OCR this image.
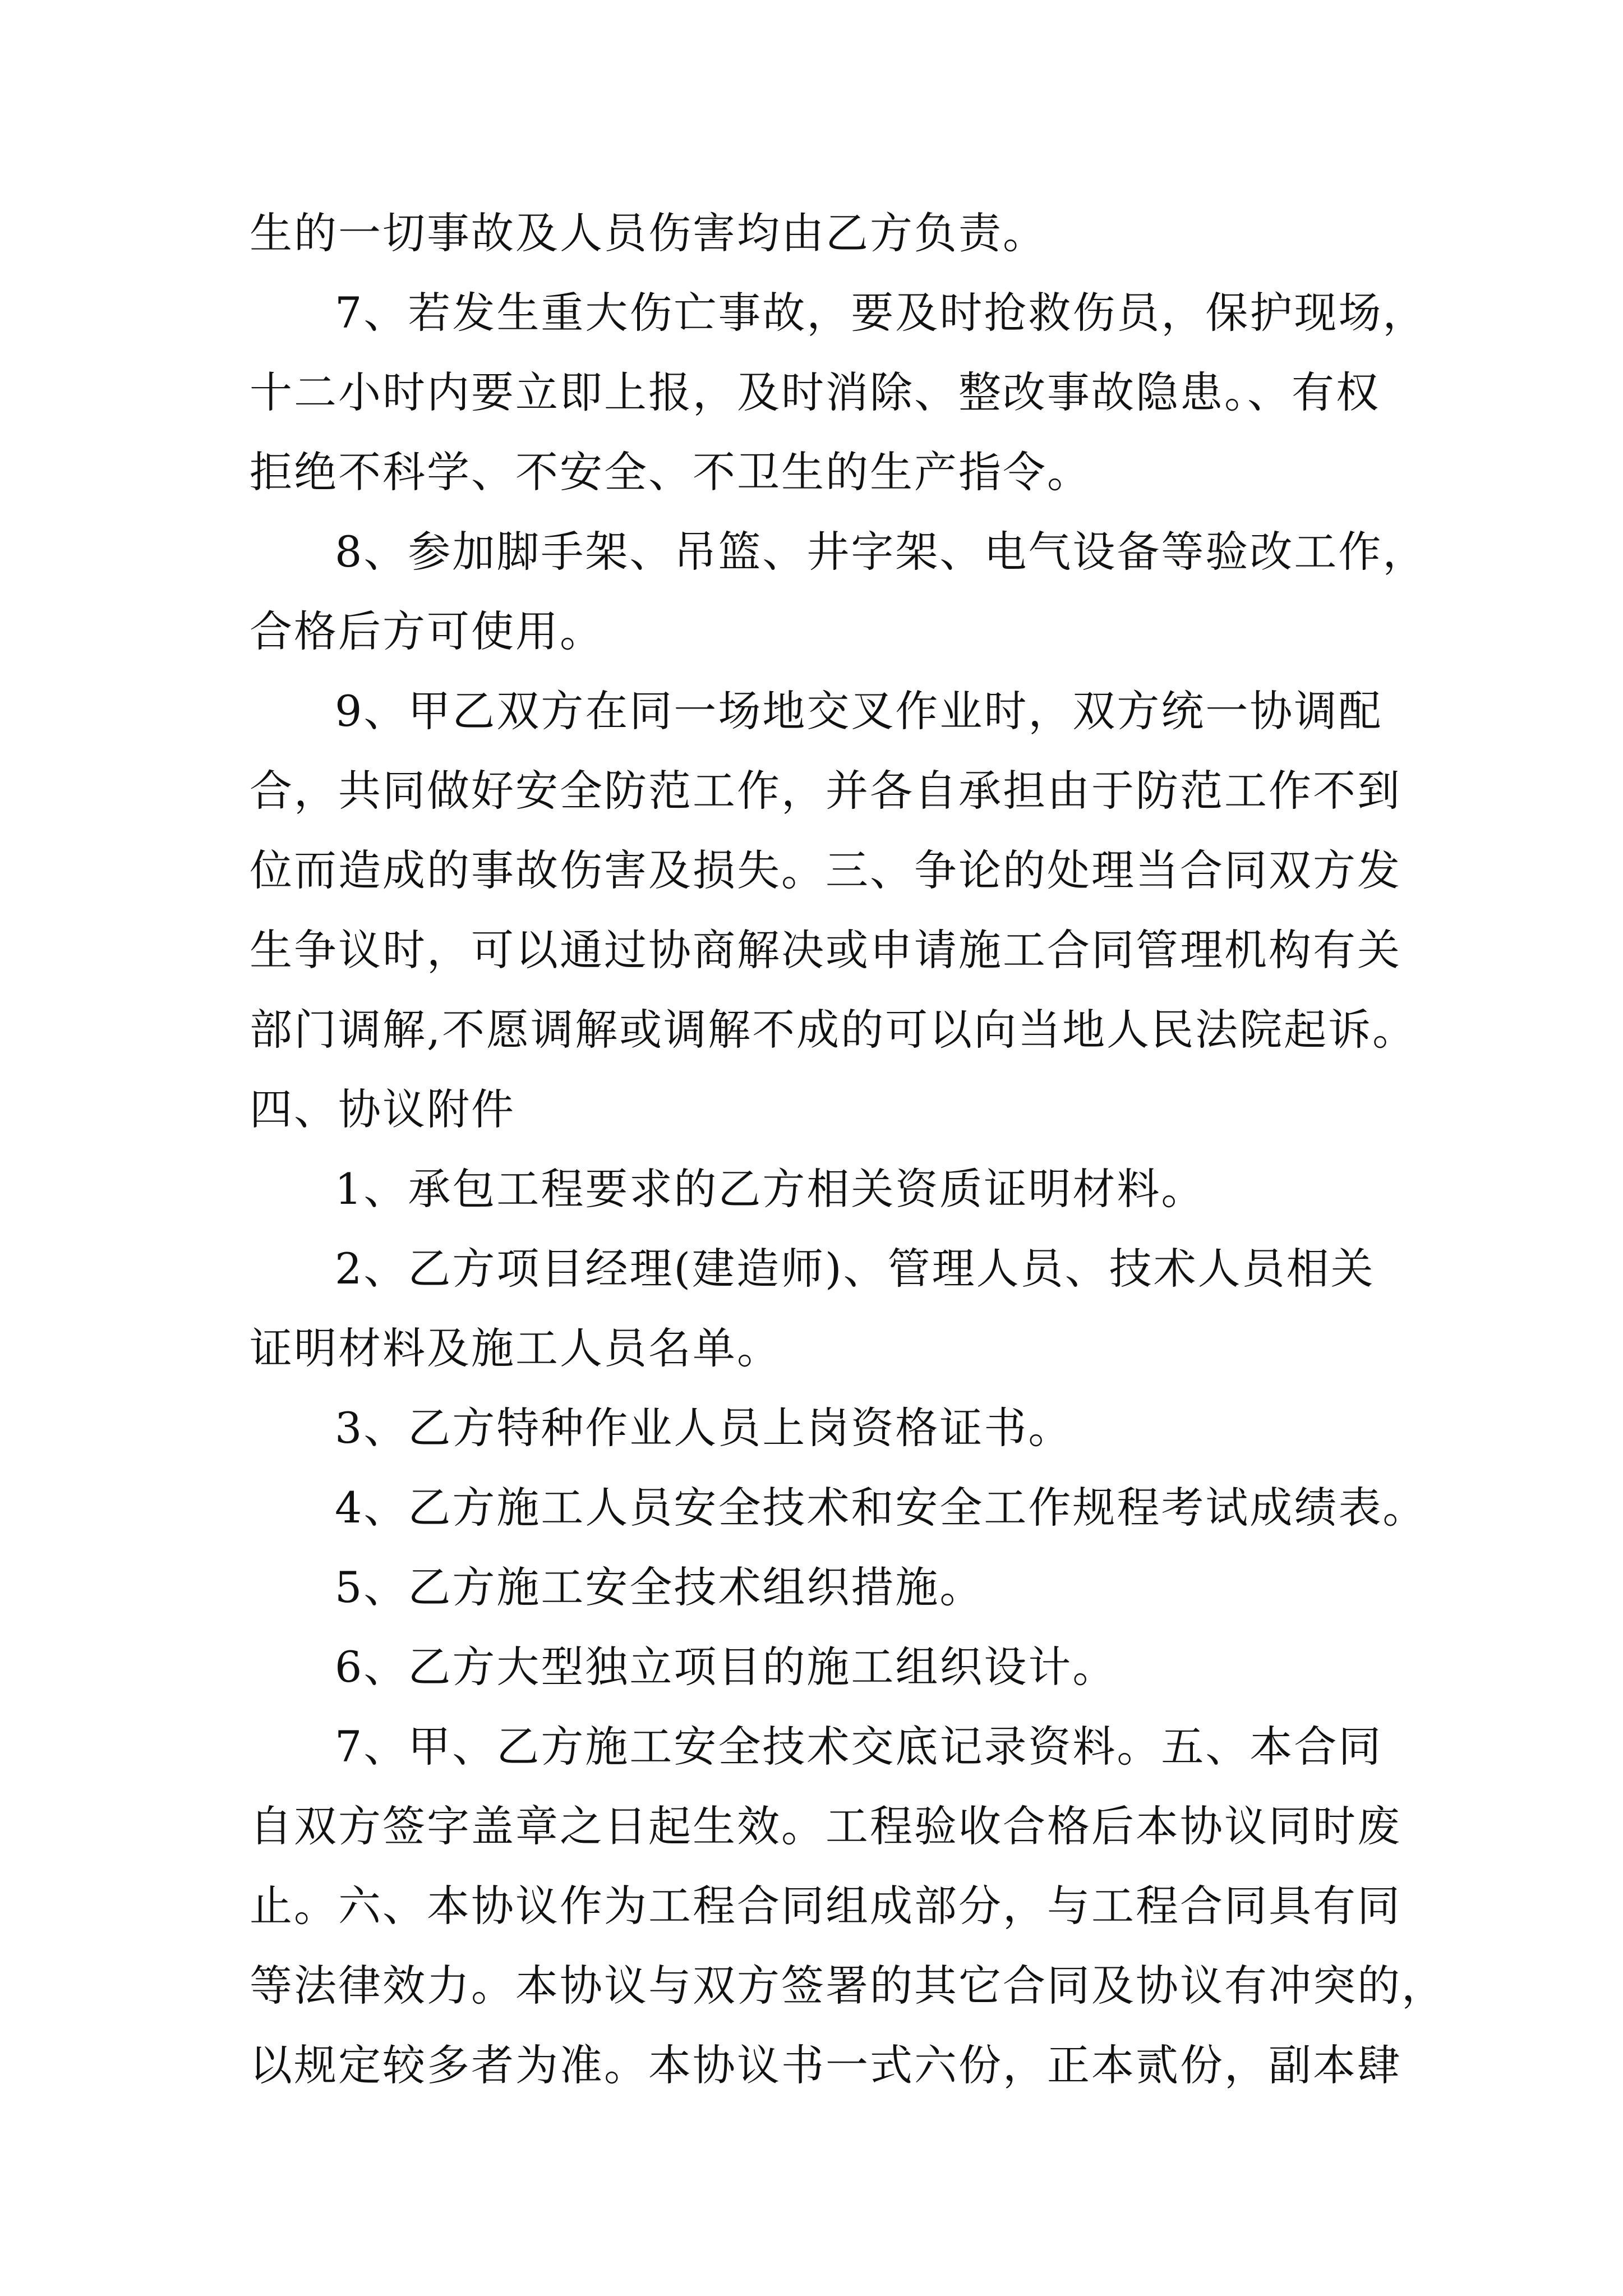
生的一切事故及人员伤害均由乙方负责。
7、若发生重大伤亡事故，要及时抢救伤员，保护现场，
十二小时内要立即上报，及时消除、整改事故隐患。、有权
拒绝不科学、不安全、不卫生的生产指令。
8、参加脚手架、吊篮、井字架、电气设备等验改工作，
合格后方可使用。
9、甲乙双方在同一场地交叉作业时，双方统一协调配
合，共同做好安全防范工作，并各自承担由于防范工作不到
位而造成的事故伤害及损失。三、争论的处理当合同双方发
生争议时，可以通过协商解决或申请施工合同管理机构有关
部门调解,不愿调解或调解不成的可以向当地人民法院起诉。
四、协议附件
1、承包工程要求的乙方相关资质证明材料。
2、乙方项目经理(建造师)、管理人员、技术人员相关
证明材料及施工人员名单。
3、乙方特种作业人员上岗资格证书。
4、乙方施工人员安全技术和安全工作规程考试成绩表。
5、乙方施工安全技术组织措施。
6、乙方大型独立项目的施工组织设计。
7、甲、乙方施工安全技术交底记录资料。五、本合同
自双方签字盖章之日起生效。工程验收合格后本协议同时废
止。六、本协议作为工程合同组成部分，与工程合同具有同
等法律效力。本协议与双方签署的其它合同及协议有冲突的，
以规定较多者为准。本协议书一式六份，正本贰份，副本肆
